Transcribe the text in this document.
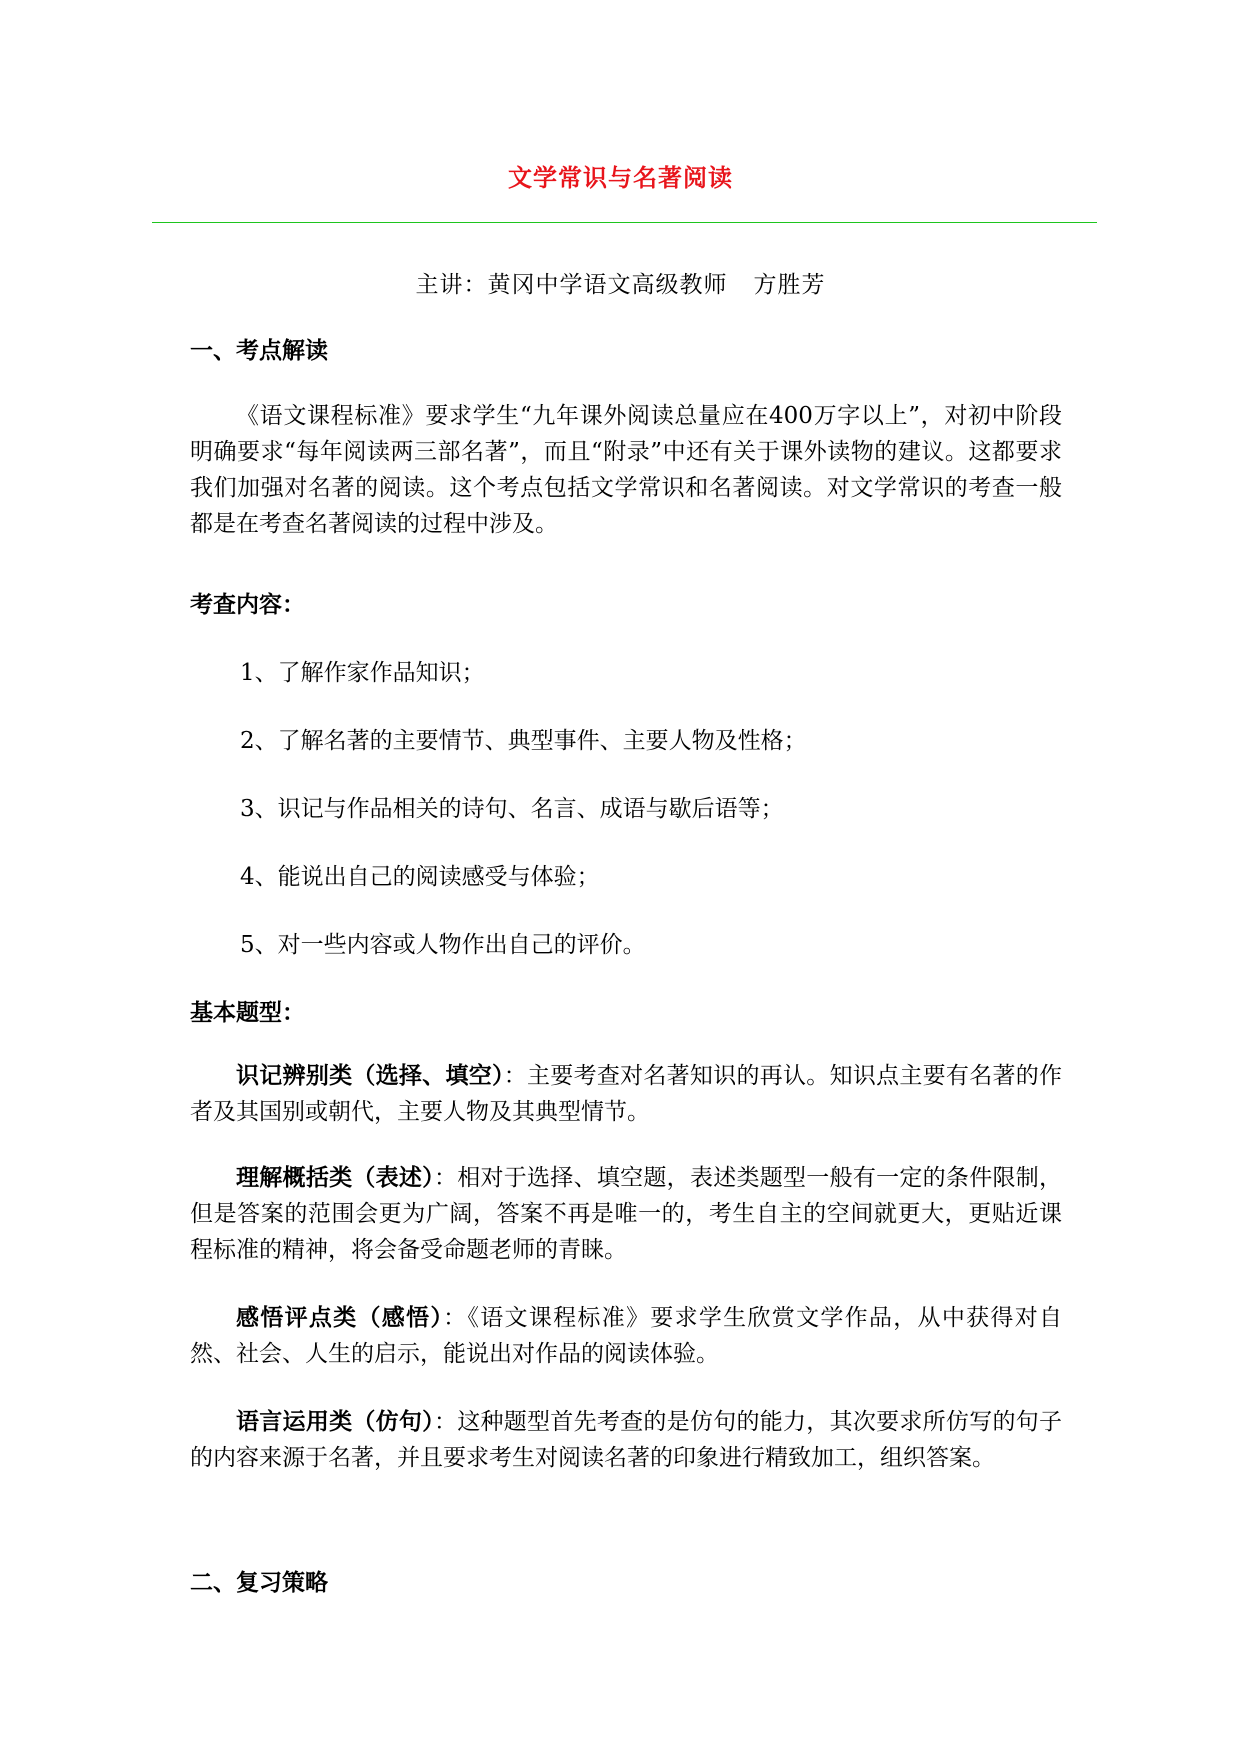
文学常识与名著阅读
主讲：黄冈中学语文高级教师 方胜芳
一、考点解读
《语文课程标准》要求学生“九年课外阅读总量应在400万字以上”，对初中阶段明确要求“每年阅读两三部名著”，而且“附录”中还有关于课外读物的建议。这都要求我们加强对名著的阅读。这个考点包括文学常识和名著阅读。对文学常识的考查一般都是在考查名著阅读的过程中涉及。
考查内容：
1、了解作家作品知识；
2、了解名著的主要情节、典型事件、主要人物及性格；
3、识记与作品相关的诗句、名言、成语与歇后语等；
4、能说出自己的阅读感受与体验；
5、对一些内容或人物作出自己的评价。
基本题型：
识记辨别类（选择、填空）：主要考查对名著知识的再认。知识点主要有名著的作者及其国别或朝代，主要人物及其典型情节。
理解概括类（表述）：相对于选择、填空题，表述类题型一般有一定的条件限制，但是答案的范围会更为广阔，答案不再是唯一的，考生自主的空间就更大，更贴近课程标准的精神，将会备受命题老师的青睐。
感悟评点类（感悟）：《语文课程标准》要求学生欣赏文学作品，从中获得对自然、社会、人生的启示，能说出对作品的阅读体验。
语言运用类（仿句）：这种题型首先考查的是仿句的能力，其次要求所仿写的句子的内容来源于名著，并且要求考生对阅读名著的印象进行精致加工，组织答案。
二、复习策略
